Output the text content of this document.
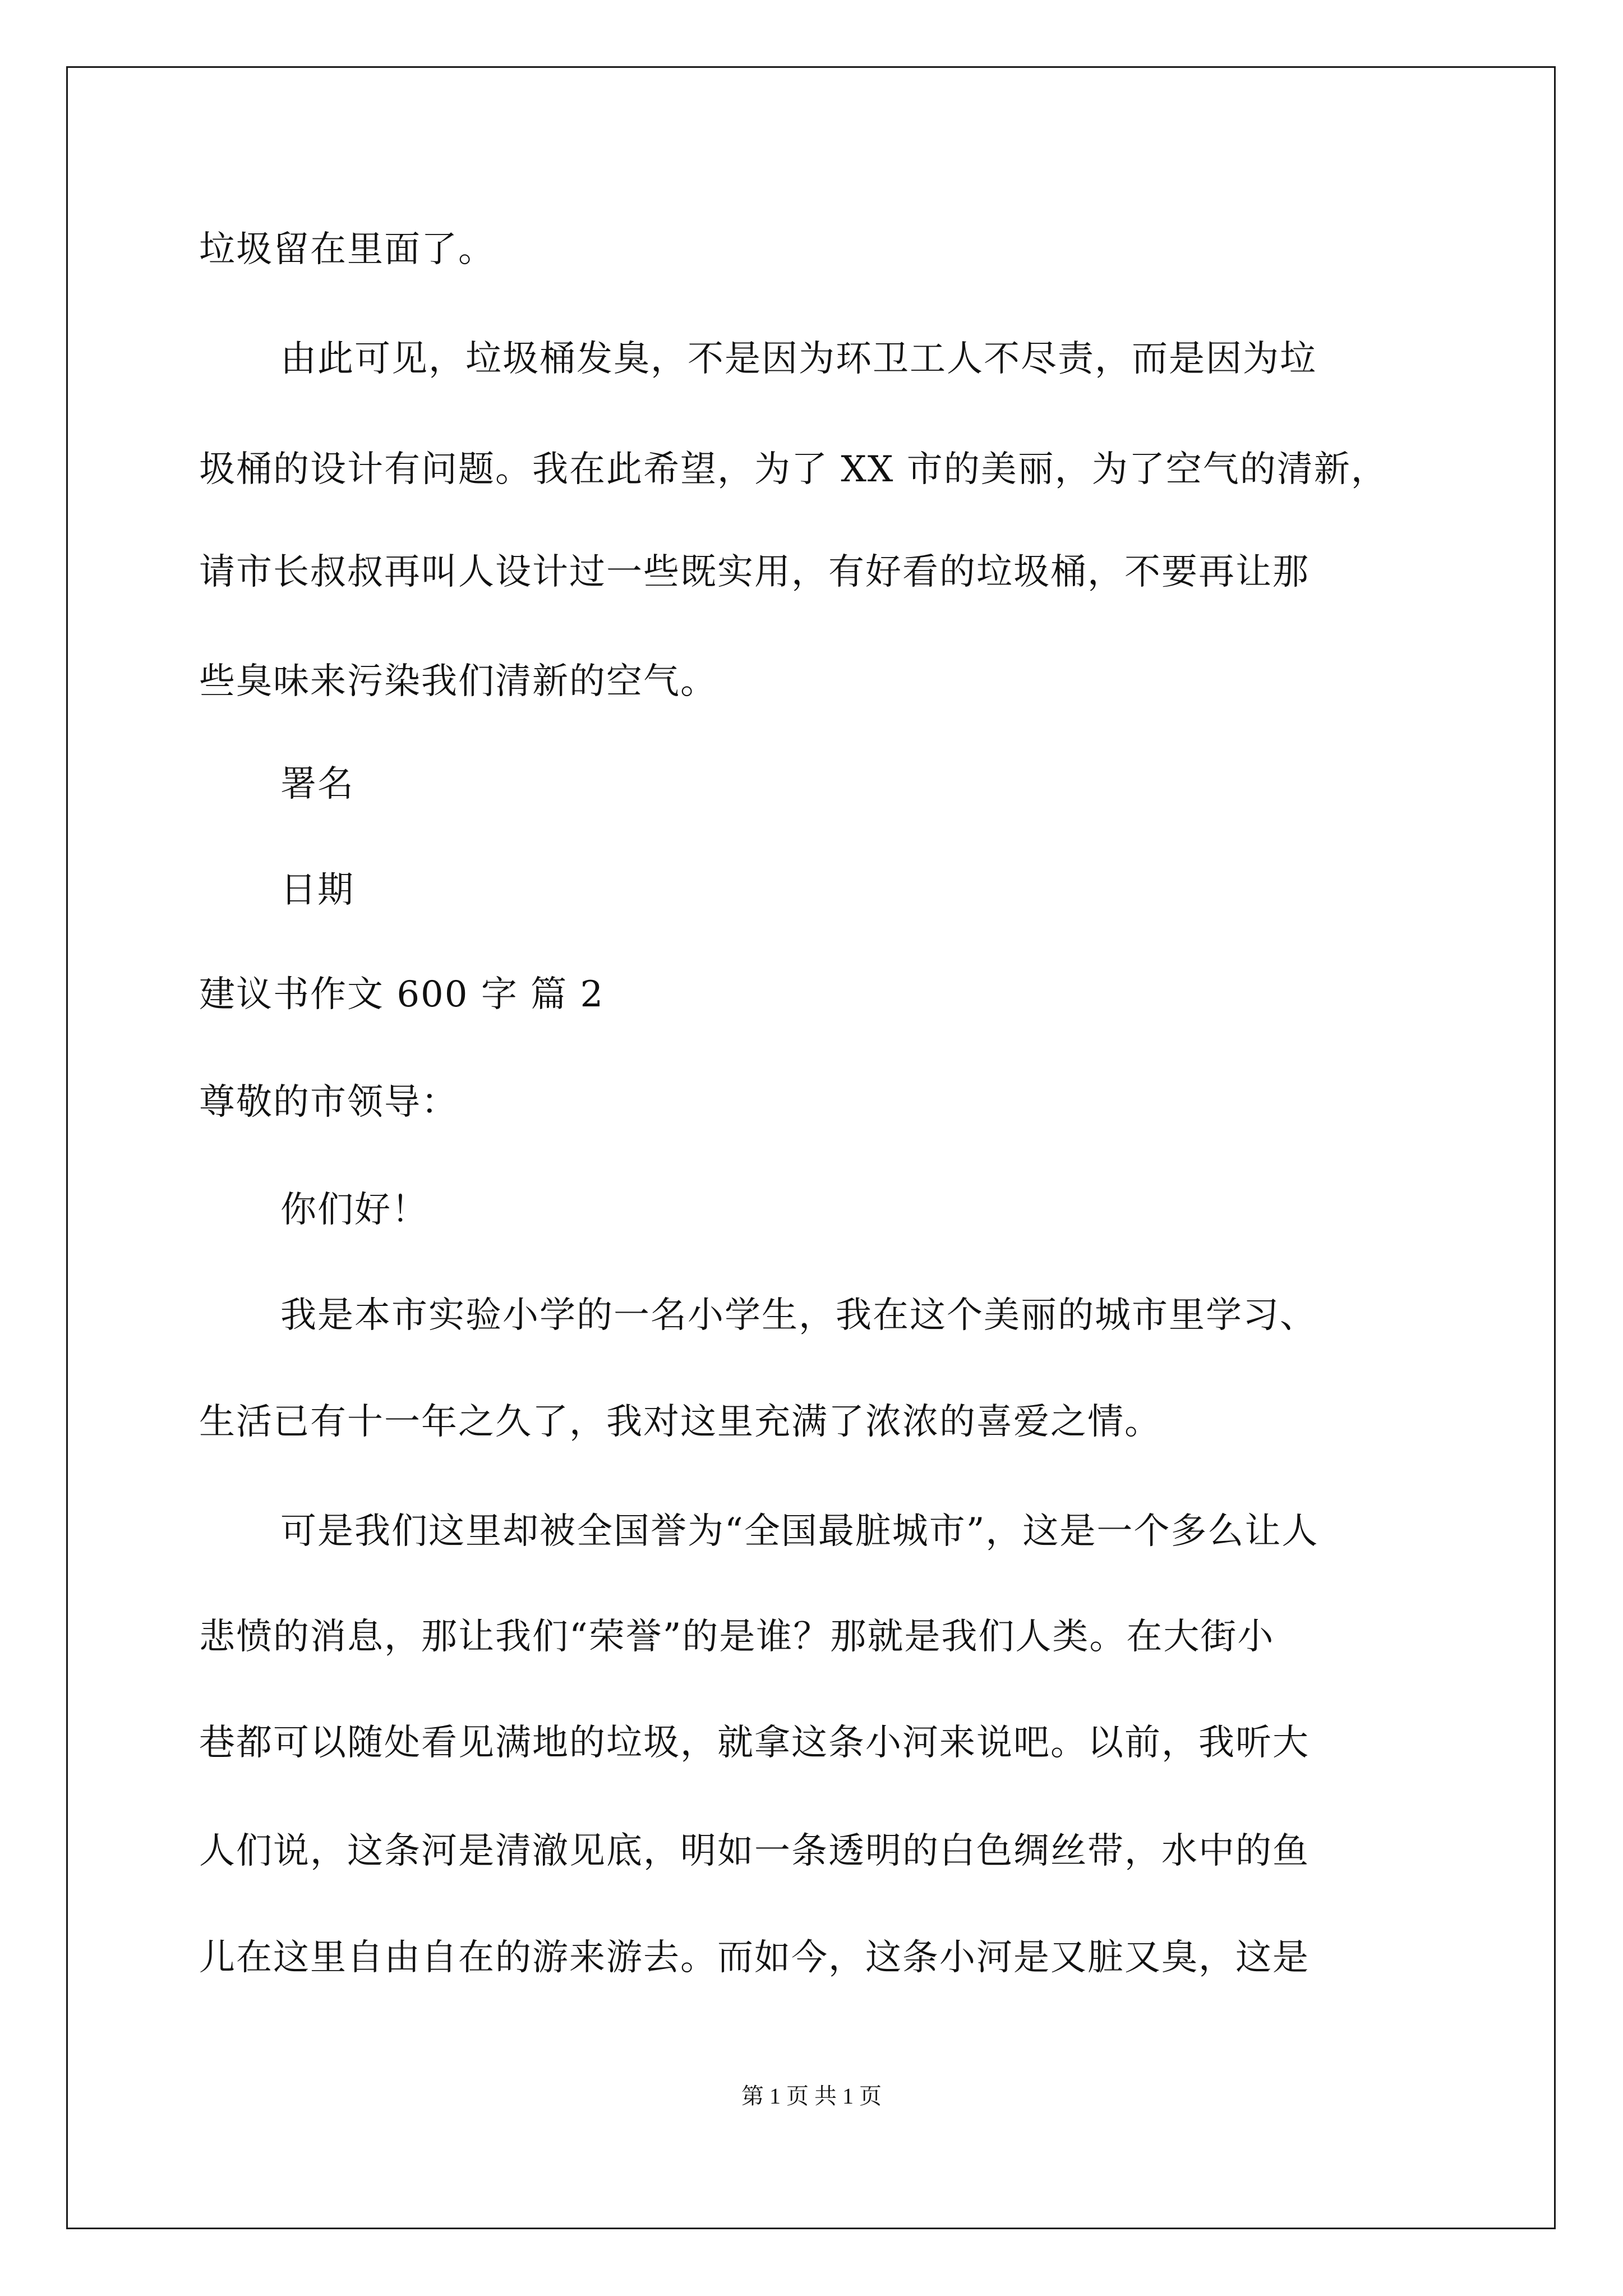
垃圾留在里面了。
由此可见，垃圾桶发臭，不是因为环卫工人不尽责，而是因为垃
圾桶的设计有问题。我在此希望，为了 XX 市的美丽，为了空气的清新，
请市长叔叔再叫人设计过一些既实用，有好看的垃圾桶，不要再让那
些臭味来污染我们清新的空气。
署名
日期
建议书作文 600 字 篇 2
尊敬的市领导：
你们好！
我是本市实验小学的一名小学生，我在这个美丽的城市里学习、
生活已有十一年之久了，我对这里充满了浓浓的喜爱之情。
可是我们这里却被全国誉为“全国最脏城市”，这是一个多么让人
悲愤的消息，那让我们“荣誉”的是谁？那就是我们人类。在大街小
巷都可以随处看见满地的垃圾，就拿这条小河来说吧。以前，我听大
人们说，这条河是清澈见底，明如一条透明的白色绸丝带，水中的鱼
儿在这里自由自在的游来游去。而如今，这条小河是又脏又臭，这是
第 1 页 共 1 页
